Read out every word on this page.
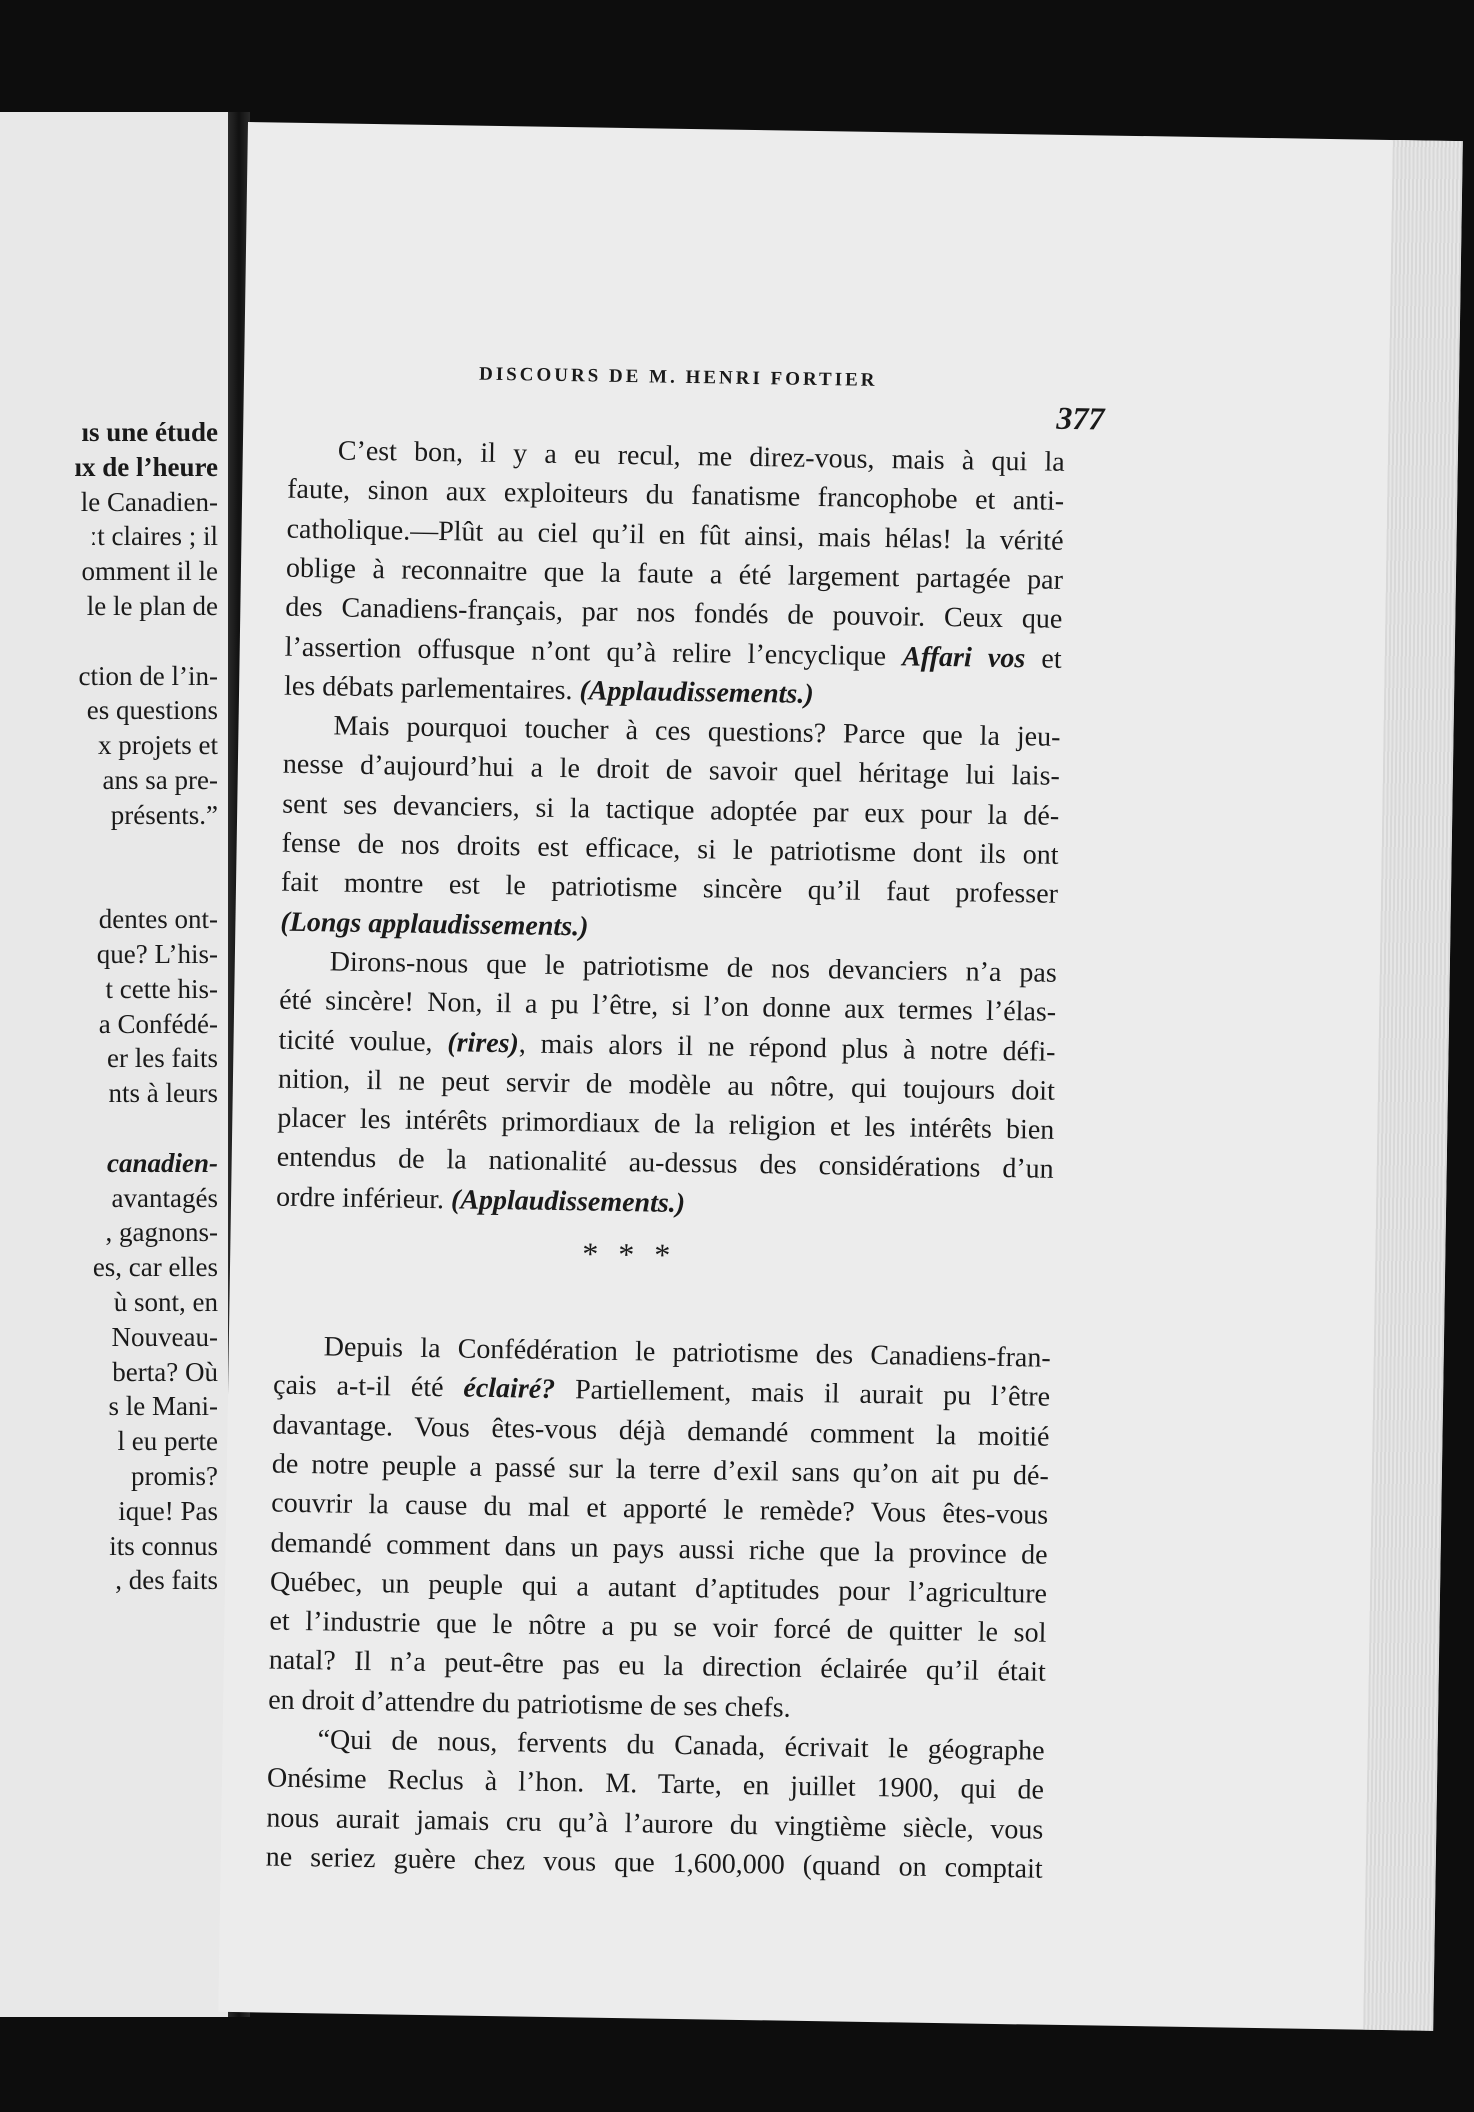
ıs une étude
ıx de l’heure
le Canadien-
ːt claires ; il
omment il le
le le plan de
ction de l’in-
es questions
x projets et
ans sa pre-
présents.”
dentes ont-
que? L’his-
t cette his-
a Confédé-
er les faits
nts à leurs
canadien-
avantagés
, gagnons-
es, car elles
ù sont, en
Nouveau-
berta? Où
s le Mani-
l eu perte
promis?
ique! Pas
its connus
, des faits
DISCOURS DE M. HENRI FORTIER
377
* * *
C’est bon, il y a eu recul, me direz-vous, mais à qui la
faute, sinon aux exploiteurs du fanatisme francophobe et anti-
catholique.—Plût au ciel qu’il en fût ainsi, mais hélas! la vérité
oblige à reconnaitre que la faute a été largement partagée par
des Canadiens-français, par nos fondés de pouvoir. Ceux que
l’assertion offusque n’ont qu’à relire l’encyclique Affari vos et
les débats parlementaires. (Applaudissements.)
Mais pourquoi toucher à ces questions? Parce que la jeu-
nesse d’aujourd’hui a le droit de savoir quel héritage lui lais-
sent ses devanciers, si la tactique adoptée par eux pour la dé-
fense de nos droits est efficace, si le patriotisme dont ils ont
fait montre est le patriotisme sincère qu’il faut professer
(Longs applaudissements.)
Dirons-nous que le patriotisme de nos devanciers n’a pas
été sincère! Non, il a pu l’être, si l’on donne aux termes l’élas-
ticité voulue, (rires), mais alors il ne répond plus à notre défi-
nition, il ne peut servir de modèle au nôtre, qui toujours doit
placer les intérêts primordiaux de la religion et les intérêts bien
entendus de la nationalité au-dessus des considérations d’un
ordre inférieur. (Applaudissements.)
Depuis la Confédération le patriotisme des Canadiens-fran-
çais a-t-il été éclairé? Partiellement, mais il aurait pu l’être
davantage. Vous êtes-vous déjà demandé comment la moitié
de notre peuple a passé sur la terre d’exil sans qu’on ait pu dé-
couvrir la cause du mal et apporté le remède? Vous êtes-vous
demandé comment dans un pays aussi riche que la province de
Québec, un peuple qui a autant d’aptitudes pour l’agriculture
et l’industrie que le nôtre a pu se voir forcé de quitter le sol
natal? Il n’a peut-être pas eu la direction éclairée qu’il était
en droit d’attendre du patriotisme de ses chefs.
“Qui de nous, fervents du Canada, écrivait le géographe
Onésime Reclus à l’hon. M. Tarte, en juillet 1900, qui de
nous aurait jamais cru qu’à l’aurore du vingtième siècle, vous
ne seriez guère chez vous que 1,600,000 (quand on comptait
